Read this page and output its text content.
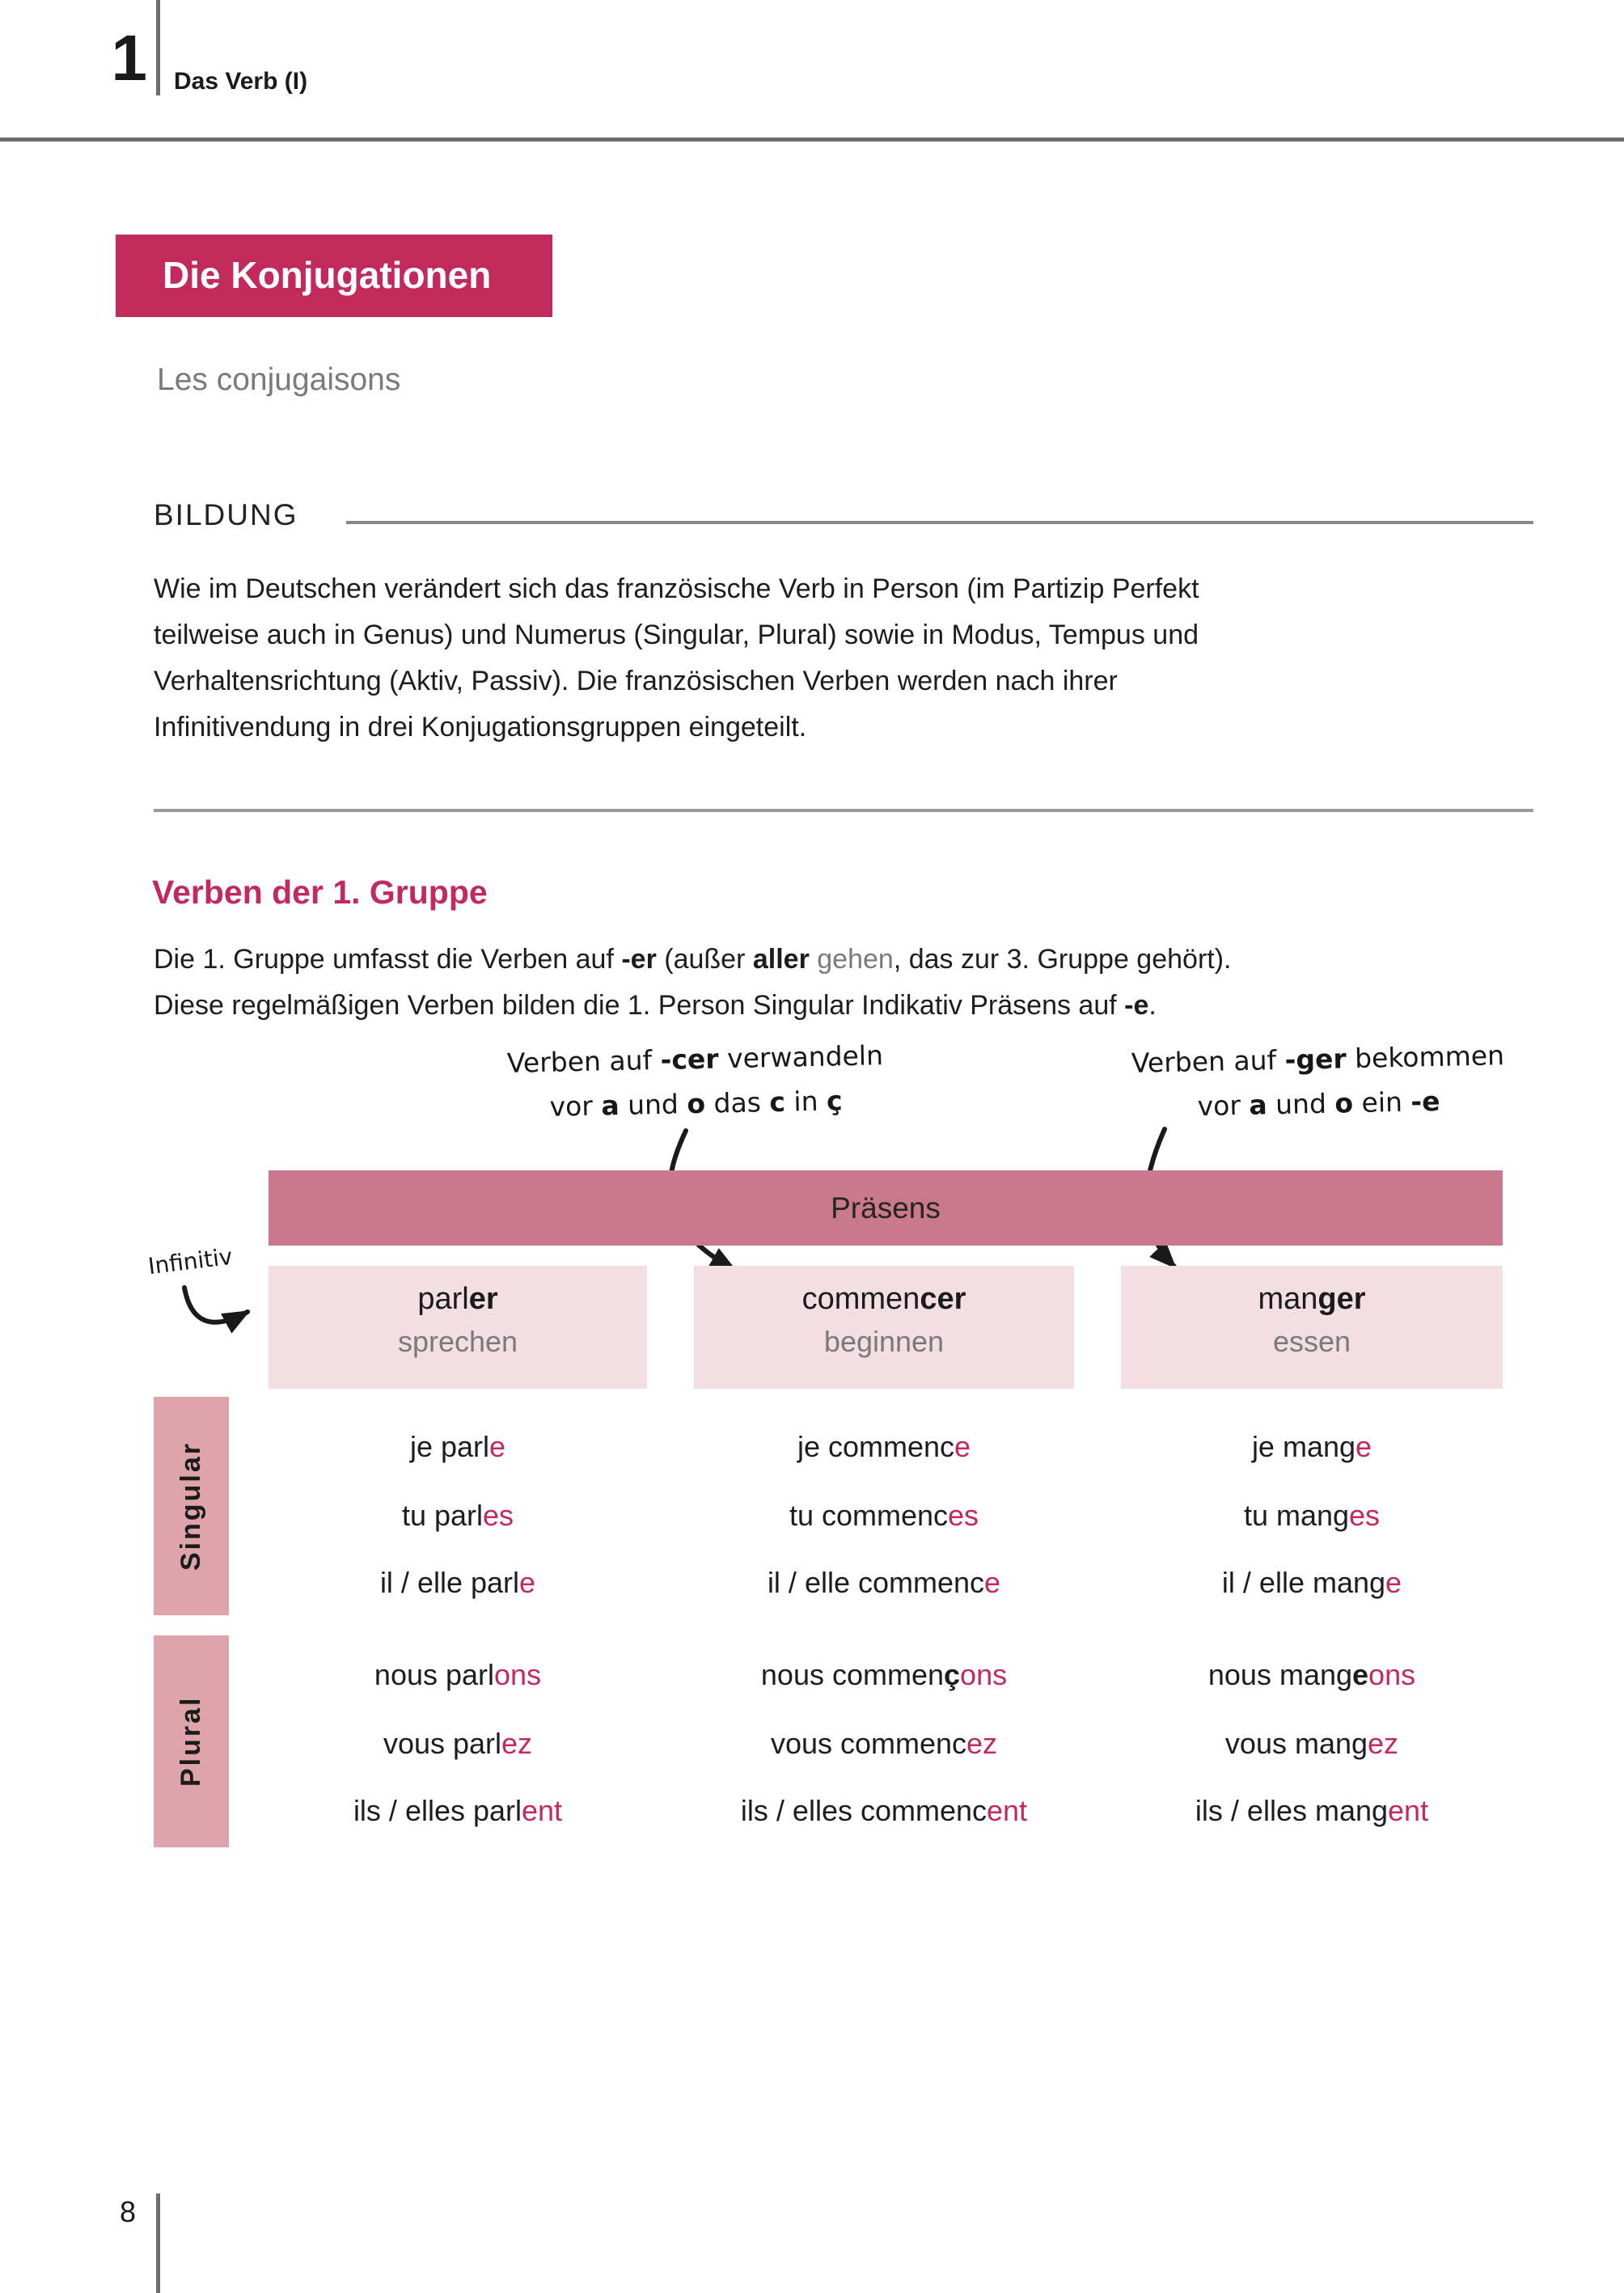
1 Das Verb (I)
Die Konjugationen
Les conjugaisons
BILDUNG
Wie im Deutschen verändert sich das französische Verb in Person (im Partizip Perfekt
teilweise auch in Genus) und Numerus (Singular, Plural) sowie in Modus, Tempus und
Verhaltensrichtung (Aktiv, Passiv). Die französischen Verben werden nach ihrer
Infinitivendung in drei Konjugationsgruppen eingeteilt.
Verben der 1. Gruppe
Die 1. Gruppe umfasst die Verben auf -er (außer aller gehen, das zur 3. Gruppe gehört).
Diese regelmäßigen Verben bilden die 1. Person Singular Indikativ Präsens auf -e.
Verben auf -cer verwandeln
vor a und o das c in ç
Verben auf -ger bekommen
vor a und o ein -e
Infinitiv
Präsens
parler
sprechen
commencer
beginnen
manger
essen
Singular
Plural
je parle	je commence	je mange
tu parles	tu commences	tu manges
il / elle parle	il / elle commence	il / elle mange
nous parlons	nous commençons	nous mangeons
vous parlez	vous commencez	vous mangez
ils / elles parlent	ils / elles commencent	ils / elles mangent
8
